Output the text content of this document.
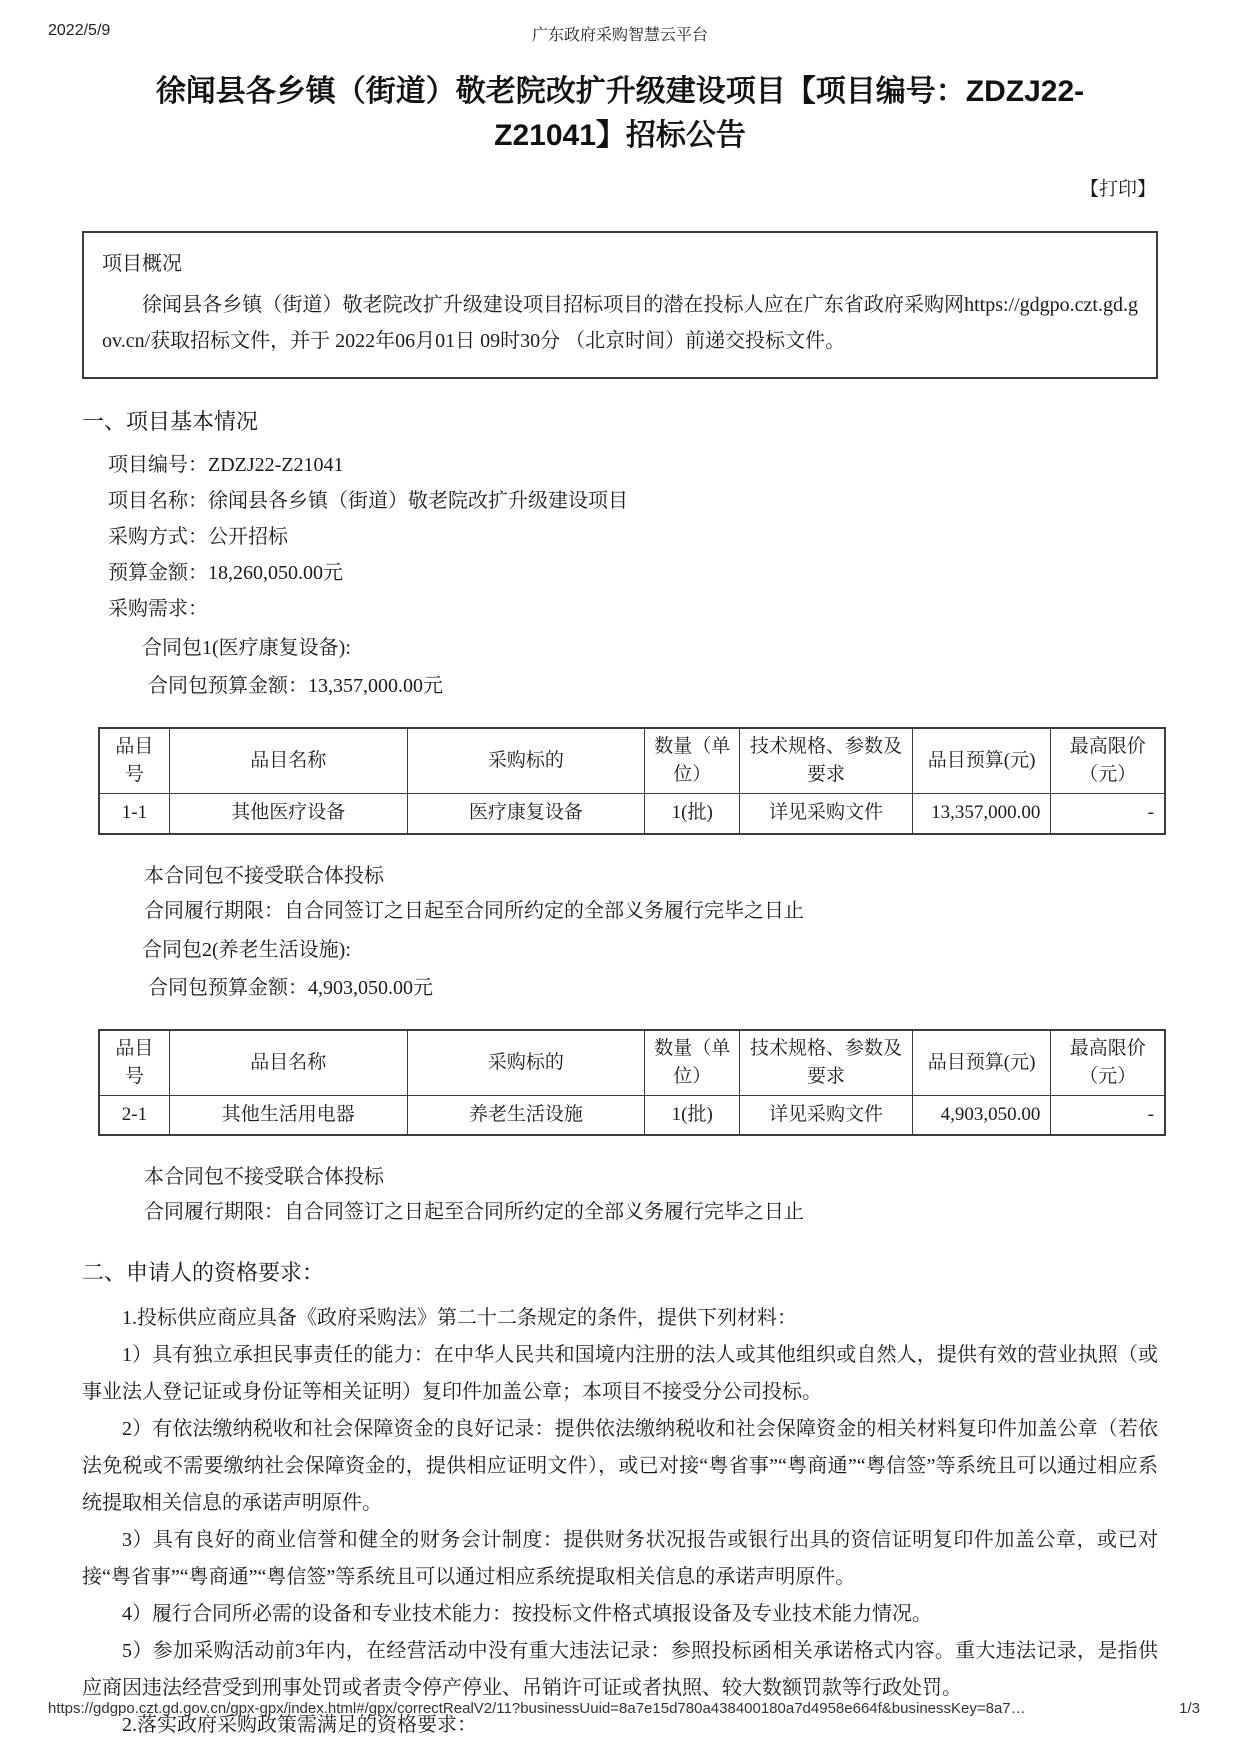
2022/5/9	广东政府采购智慧云平台
徐闻县各乡镇（街道）敬老院改扩升级建设项目【项目编号：ZDZJ22-Z21041】招标公告
【打印】
项目概况

徐闻县各乡镇（街道）敬老院改扩升级建设项目招标项目的潜在投标人应在广东省政府采购网https://gdgpo.czt.gd.gov.cn/获取招标文件，并于 2022年06月01日 09时30分 （北京时间）前递交投标文件。

一、项目基本情况

项目编号：ZDZJ22-Z21041

项目名称：徐闻县各乡镇（街道）敬老院改扩升级建设项目

采购方式：公开招标

预算金额：18,260,050.00元

采购需求：

合同包1(医疗康复设备):

合同包预算金额：13,357,000.00元

品目号	品目名称	采购标的	数量（单位）	技术规格、参数及要求	品目预算(元)	最高限价（元）
1-1	其他医疗设备	医疗康复设备	1(批)	详见采购文件	13,357,000.00	-

本合同包不接受联合体投标

合同履行期限：自合同签订之日起至合同所约定的全部义务履行完毕之日止

合同包2(养老生活设施):

合同包预算金额：4,903,050.00元

品目号	品目名称	采购标的	数量（单位）	技术规格、参数及要求	品目预算(元)	最高限价（元）
2-1	其他生活用电器	养老生活设施	1(批)	详见采购文件	4,903,050.00	-

本合同包不接受联合体投标

合同履行期限：自合同签订之日起至合同所约定的全部义务履行完毕之日止

二、申请人的资格要求：

1.投标供应商应具备《政府采购法》第二十二条规定的条件，提供下列材料：

1）具有独立承担民事责任的能力：在中华人民共和国境内注册的法人或其他组织或自然人，提供有效的营业执照（或事业法人登记证或身份证等相关证明）复印件加盖公章；本项目不接受分公司投标。

2）有依法缴纳税收和社会保障资金的良好记录：提供依法缴纳税收和社会保障资金的相关材料复印件加盖公章（若依法免税或不需要缴纳社会保障资金的，提供相应证明文件），或已对接“粤省事”“粤商通”“粤信签”等系统且可以通过相应系统提取相关信息的承诺声明原件。

3）具有良好的商业信誉和健全的财务会计制度：提供财务状况报告或银行出具的资信证明复印件加盖公章，或已对接“粤省事”“粤商通”“粤信签”等系统且可以通过相应系统提取相关信息的承诺声明原件。

4）履行合同所必需的设备和专业技术能力：按投标文件格式填报设备及专业技术能力情况。

5）参加采购活动前3年内，在经营活动中没有重大违法记录：参照投标函相关承诺格式内容。重大违法记录，是指供应商因违法经营受到刑事处罚或者责令停产停业、吊销许可证或者执照、较大数额罚款等行政处罚。

2.落实政府采购政策需满足的资格要求：

https://gdgpo.czt.gd.gov.cn/gpx-gpx/index.html#/gpx/correctRealV2/11?businessUuid=8a7e15d780a438400180a7d4958e664f&businessKey=8a7…	1/3
